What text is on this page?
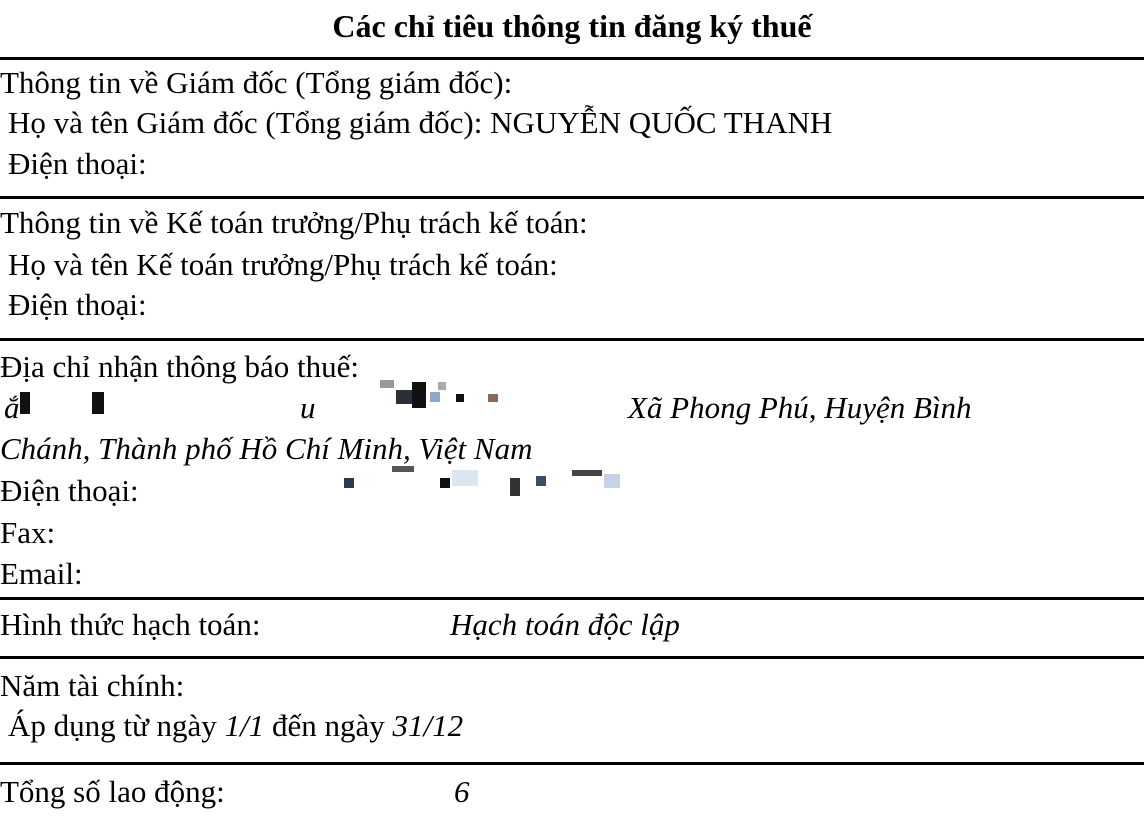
Các chỉ tiêu thông tin đăng ký thuế
Thông tin về Giám đốc (Tổng giám đốc):
Họ và tên Giám đốc (Tổng giám đốc): NGUYỄN QUỐC THANH
Điện thoại:
Thông tin về Kế toán trưởng/Phụ trách kế toán:
Họ và tên Kế toán trưởng/Phụ trách kế toán:
Điện thoại:
Địa chỉ nhận thông báo thuế:
ắ	u	Xã Phong Phú, Huyện Bình
Chánh, Thành phố Hồ Chí Minh, Việt Nam
Điện thoại:
Fax:
Email:
Hình thức hạch toán:	Hạch toán độc lập
Năm tài chính:
Áp dụng từ ngày 1/1 đến ngày 31/12
Tổng số lao động:	6
